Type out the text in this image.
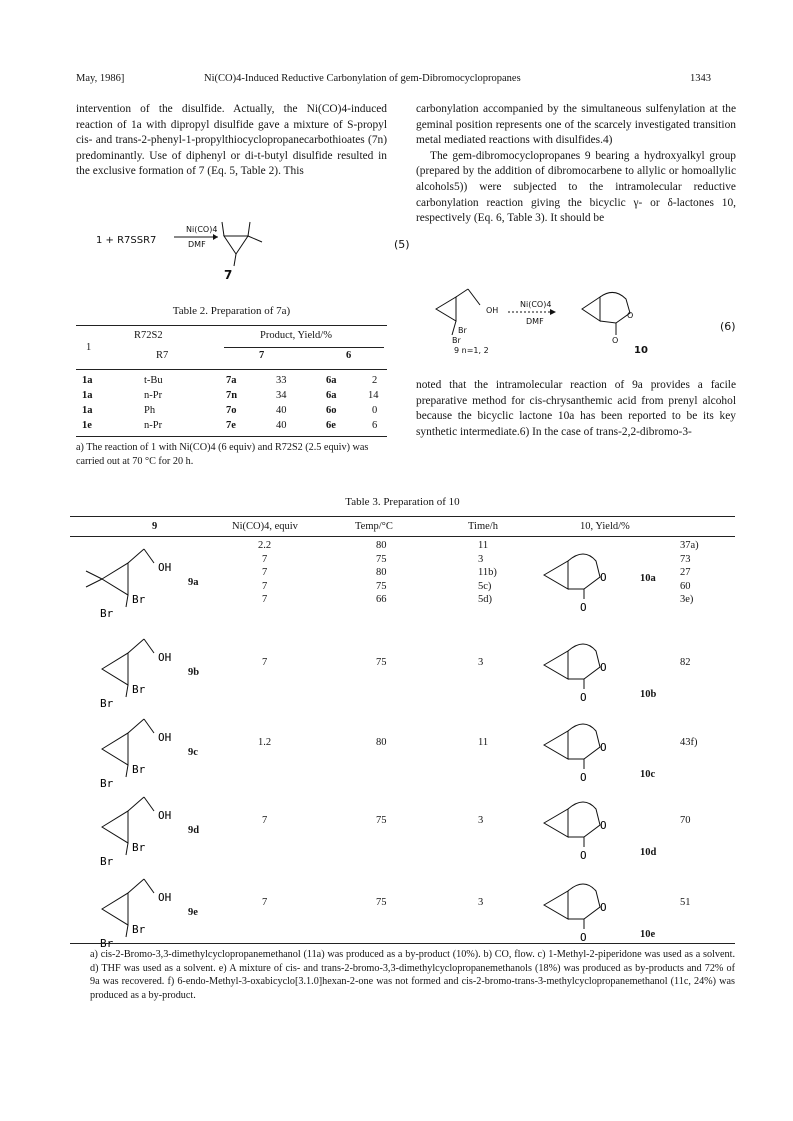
May, 1986]	Ni(CO)4-Induced Reductive Carbonylation of gem-Dibromocyclopropanes	1343

intervention of the disulfide. Actually, the Ni(CO)4-induced reaction of 1a with dipropyl disulfide gave a mixture of S-propyl cis- and trans-2-phenyl-1-propylthiocyclopropanecarbothioates (7n) predominantly. Use of diphenyl or di-t-butyl disulfide resulted in the exclusive formation of 7 (Eq. 5, Table 2). This

1 + R7SSR7
Ni(CO)4
DMF	(5)
7
Table 2. Preparation of 7a)
1
R72S2
R7
Product, Yield/%
7	6
1a	t-Bu	7a	33	6a	2
1a	n-Pr	7n	34	6a	14
1a	Ph	7o	40	6o	0
1e	n-Pr	7e	40	6e	6
a) The reaction of 1 with Ni(CO)4 (6 equiv) and R72S2 (2.5 equiv) was carried out at 70 °C for 20 h.

carbonylation accompanied by the simultaneous sulfenylation at the geminal position represents one of the scarcely investigated transition metal mediated reactions with disulfides.4)

The gem-dibromocyclopropanes 9 bearing a hydroxyalkyl group (prepared by the addition of dibromocarbene to allylic or homoallylic alcohols5)) were subjected to the intramolecular reductive carbonylation reaction giving the bicyclic γ- or δ-lactones 10, respectively (Eq. 6, Table 3). It should be

OH
Br
Br
Ni(CO)4
DMF
O
O
9 n=1, 2	10
(6)

noted that the intramolecular reaction of 9a provides a facile preparative method for cis-chrysanthemic acid from prenyl alcohol because the bicyclic lactone 10a has been reported to be its key synthetic intermediate.6) In the case of trans-2,2-dibromo-3-

Table 3. Preparation of 10
9	Ni(CO)4, equiv	Temp/°C	Time/h	10, Yield/%
OH
Br
Br
9a	O
O
10a
2.2	80	11	37a)
7	75	3	73
7	80	11b)	27
7	75	5c)	60
7	66	5d)	3e)
OH
Br
Br
9b	O
O	10b
7	75	3	82
OH
Br
Br
9c	O
O	10c
1.2	80	11	43f)
OH
Br
Br
9d	O
O	10d
7	75	3	70
OH
Br
Br
9e	O
O	10e
7	75	3	51
a) cis-2-Bromo-3,3-dimethylcyclopropanemethanol (11a) was produced as a by-product (10%). b) CO, flow. c) 1-Methyl-2-piperidone was used as a solvent. d) THF was used as a solvent. e) A mixture of cis- and trans-2-bromo-3,3-dimethylcyclopropanemethanols (18%) was produced as by-products and 72% of 9a was recovered. f) 6-endo-Methyl-3-oxabicyclo[3.1.0]hexan-2-one was not formed and cis-2-bromo-trans-3-methylcyclopropanemethanol (11c, 24%) was produced as a by-product.
